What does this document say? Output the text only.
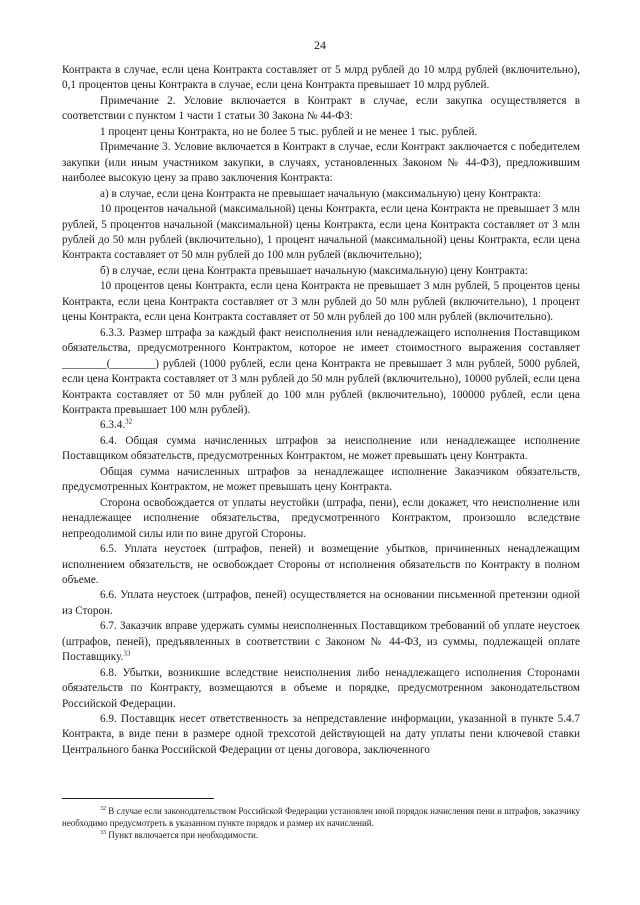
24

Контракта в случае, если цена Контракта составляет от 5 млрд рублей до 10 млрд рублей (включительно), 0,1 процентов цены Контракта в случае, если цена Контракта превышает 10 млрд рублей.

Примечание 2. Условие включается в Контракт в случае, если закупка осуществляется в соответствии с пунктом 1 части 1 статьи 30 Закона № 44-ФЗ:

1 процент цены Контракта, но не более 5 тыс. рублей и не менее 1 тыс. рублей.

Примечание 3. Условие включается в Контракт в случае, если Контракт заключается с победителем закупки (или иным участником закупки, в случаях, установленных Законом № 44-ФЗ), предложившим наиболее высокую цену за право заключения Контракта:

а) в случае, если цена Контракта не превышает начальную (максимальную) цену Контракта:

10 процентов начальной (максимальной) цены Контракта, если цена Контракта не превышает 3 млн рублей, 5 процентов начальной (максимальной) цены Контракта, если цена Контракта составляет от 3 млн рублей до 50 млн рублей (включительно), 1 процент начальной (максимальной) цены Контракта, если цена Контракта составляет от 50 млн рублей до 100 млн рублей (включительно);

б) в случае, если цена Контракта превышает начальную (максимальную) цену Контракта:

10 процентов цены Контракта, если цена Контракта не превышает 3 млн рублей, 5 процентов цены Контракта, если цена Контракта составляет от 3 млн рублей до 50 млн рублей (включительно), 1 процент цены Контракта, если цена Контракта составляет от 50 млн рублей до 100 млн рублей (включительно).

6.3.3. Размер штрафа за каждый факт неисполнения или ненадлежащего исполнения Поставщиком обязательства, предусмотренного Контрактом, которое не имеет стоимостного выражения составляет ________(________) рублей (1000 рублей, если цена Контракта не превышает 3 млн рублей, 5000 рублей, если цена Контракта составляет от 3 млн рублей до 50 млн рублей (включительно), 10000 рублей, если цена Контракта составляет от 50 млн рублей до 100 млн рублей (включительно), 100000 рублей, если цена Контракта превышает 100 млн рублей).

6.3.4.32

6.4. Общая сумма начисленных штрафов за неисполнение или ненадлежащее исполнение Поставщиком обязательств, предусмотренных Контрактом, не может превышать цену Контракта.

Общая сумма начисленных штрафов за ненадлежащее исполнение Заказчиком обязательств, предусмотренных Контрактом, не может превышать цену Контракта.

Сторона освобождается от уплаты неустойки (штрафа, пени), если докажет, что неисполнение или ненадлежащее исполнение обязательства, предусмотренного Контрактом, произошло вследствие непреодолимой силы или по вине другой Стороны.

6.5. Уплата неустоек (штрафов, пеней) и возмещение убытков, причиненных ненадлежащим исполнением обязательств, не освобождает Стороны от исполнения обязательств по Контракту в полном объеме.

6.6. Уплата неустоек (штрафов, пеней) осуществляется на основании письменной претензии одной из Сторон.

6.7. Заказчик вправе удержать суммы неисполненных Поставщиком требований об уплате неустоек (штрафов, пеней), предъявленных в соответствии с Законом № 44-ФЗ, из суммы, подлежащей оплате Поставщику.$^{33}$

6.8. Убытки, возникшие вследствие неисполнения либо ненадлежащего исполнения Сторонами обязательств по Контракту, возмещаются в объеме и порядке, предусмотренном законодательством Российской Федерации.

6.9. Поставщик несет ответственность за непредставление информации, указанной в пункте 5.4.7 Контракта, в виде пени в размере одной трехсотой действующей на дату уплаты пени ключевой ставки Центрального банка Российской Федерации от цены договора, заключенного

$^{32}$ В случае если законодательством Российской Федерации установлен иной порядок начисления пени и штрафов, заказчику необходимо предусмотреть в указанном пункте порядок и размер их начислений.

$^{33}$ Пункт включается при необходимости.
